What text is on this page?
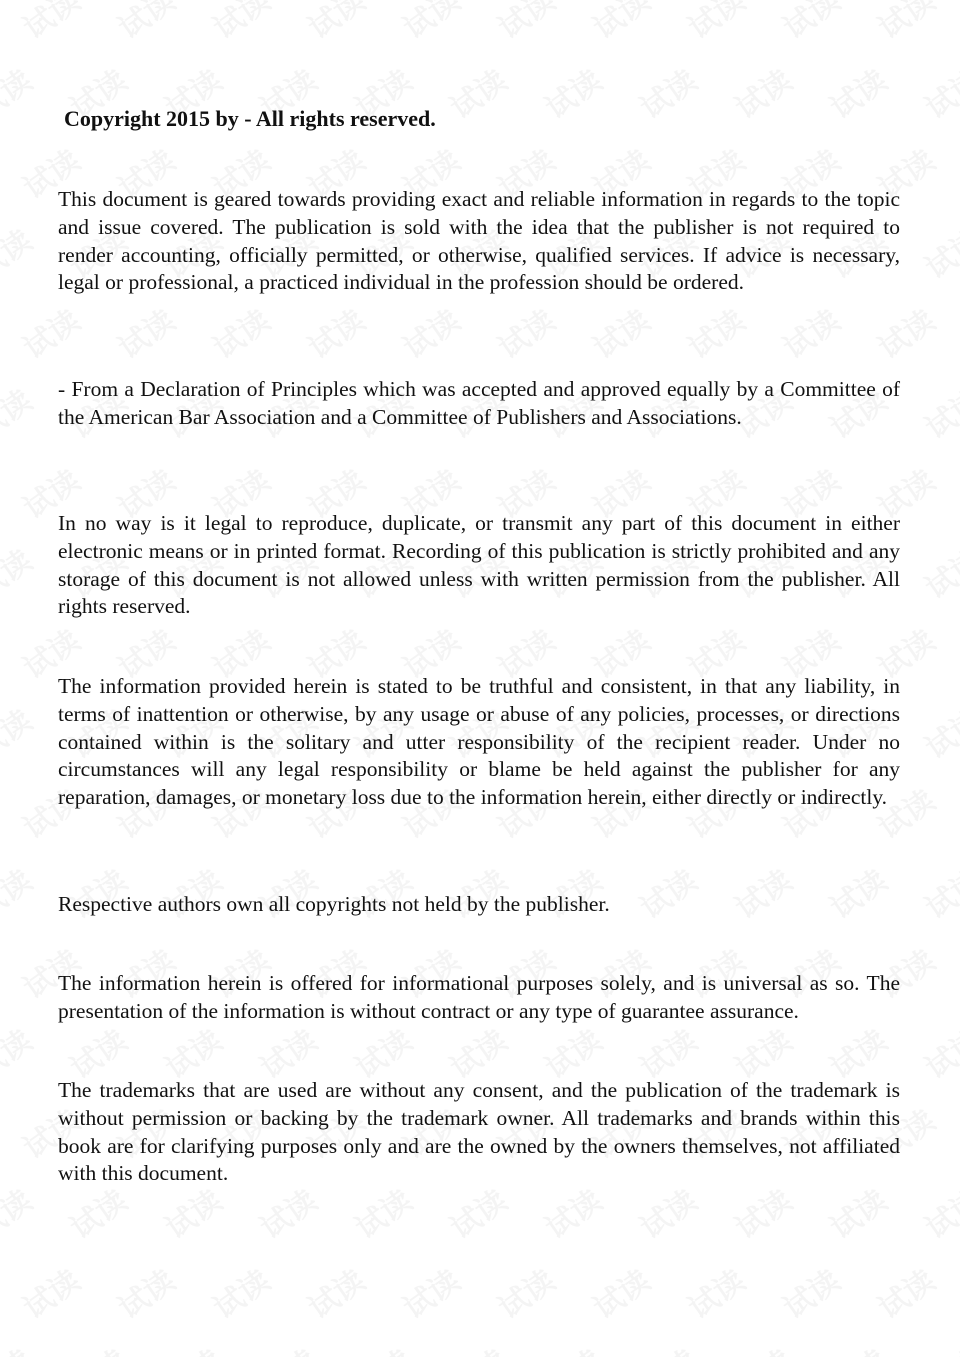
Copyright 2015 by - All rights reserved.

This document is geared towards providing exact and reliable information in regards to the topic and issue covered. The publication is sold with the idea that the publisher is not required to render accounting, officially permitted, or otherwise, qualified services. If advice is necessary, legal or professional, a practiced individual in the profession should be ordered.

- From a Declaration of Principles which was accepted and approved equally by a Committee of the American Bar Association and a Committee of Publishers and Associations.

In no way is it legal to reproduce, duplicate, or transmit any part of this document in either electronic means or in printed format. Recording of this publication is strictly prohibited and any storage of this document is not allowed unless with written permission from the publisher. All rights reserved.

The information provided herein is stated to be truthful and consistent, in that any liability, in terms of inattention or otherwise, by any usage or abuse of any policies, processes, or directions contained within is the solitary and utter responsibility of the recipient reader. Under no circumstances will any legal responsibility or blame be held against the publisher for any reparation, damages, or monetary loss due to the information herein, either directly or indirectly.

Respective authors own all copyrights not held by the publisher.

The information herein is offered for informational purposes solely, and is universal as so. The presentation of the information is without contract or any type of guarantee assurance.

The trademarks that are used are without any consent, and the publication of the trademark is without permission or backing by the trademark owner. All trademarks and brands within this book are for clarifying purposes only and are the owned by the owners themselves, not affiliated with this document.
